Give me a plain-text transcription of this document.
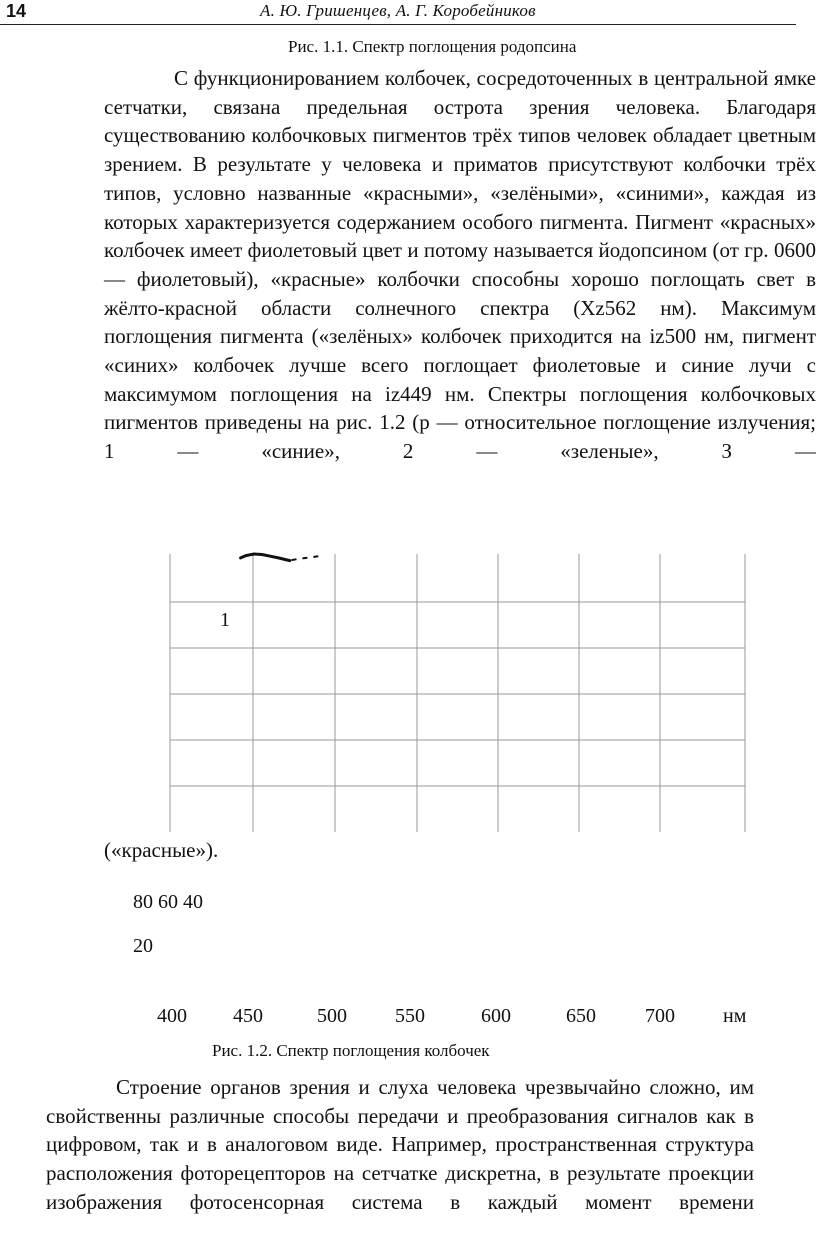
14	А. Ю. Гришенцев, А. Г. Коробейников
Рис. 1.1. Спектр поглощения родопсина
С функционированием колбочек, сосредоточенных в центральной ямке сетчатки, связана предельная острота зрения человека. Благодаря существованию колбочковых пигментов трёх типов человек обладает цветным зрением. В результате у человека и приматов присутствуют колбочки трёх типов, условно названные «красными», «зелёными», «синими», каждая из которых характеризуется содержанием особого пигмента. Пигмент «красных» колбочек имеет фиолетовый цвет и потому называется йодопсином (от гр. 0600 — фиолетовый), «красные» колбочки способны хорошо поглощать свет в жёлто-красной области солнечного спектра (Xz562 нм). Максимум поглощения пигмента («зелёных» колбочек приходится на iz500 нм, пигмент «синих» колбочек лучше всего поглощает фиолетовые и синие лучи с максимумом поглощения на iz449 нм. Спектры поглощения колбочковых пигментов приведены на рис. 1.2 (р — относительное поглощение излучения; 1 — «синие», 2 — «зеленые», З —
1
(«красные»).
80 60 40
20
400 450	500 550	600	650 700 нм
Рис. 1.2. Спектр поглощения колбочек
Строение органов зрения и слуха человека чрезвычайно сложно, им свойственны различные способы передачи и преобразования сигналов как в цифровом, так и в аналоговом виде. Например, пространственная структура расположения фоторецепторов на сетчатке дискретна, в результате проекции изображения фотосенсорная система в каждый момент времени
